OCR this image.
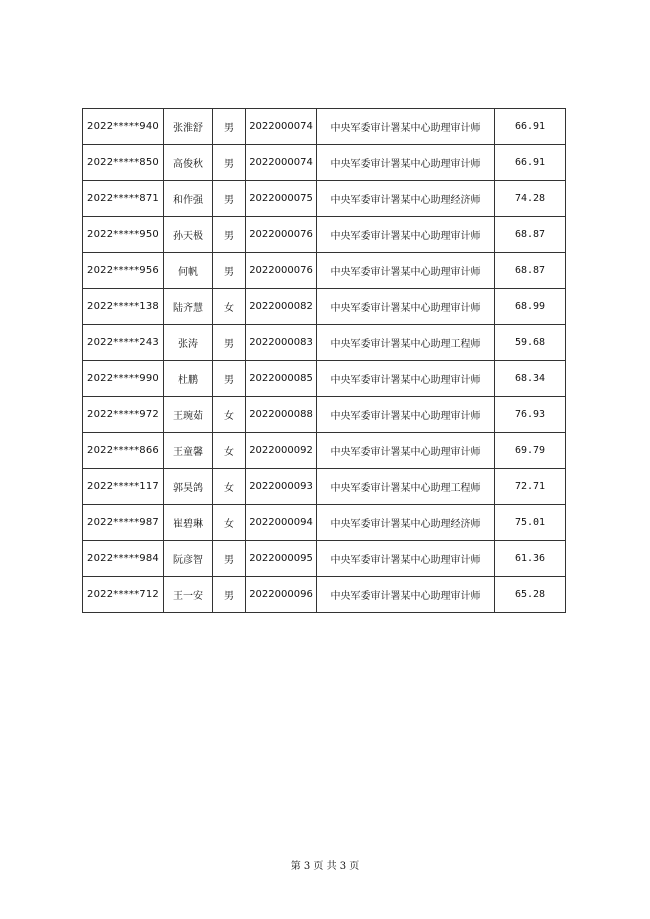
2022*****940	张淮舒	男	2022000074	中央军委审计署某中心助理审计师	66.91
2022*****850	高俊秋	男	2022000074	中央军委审计署某中心助理审计师	66.91
2022*****871	和作强	男	2022000075	中央军委审计署某中心助理经济师	74.28
2022*****950	孙天极	男	2022000076	中央军委审计署某中心助理审计师	68.87
2022*****956	何帆	男	2022000076	中央军委审计署某中心助理审计师	68.87
2022*****138	陆齐慧	女	2022000082	中央军委审计署某中心助理审计师	68.99
2022*****243	张涛	男	2022000083	中央军委审计署某中心助理工程师	59.68
2022*****990	杜鹏	男	2022000085	中央军委审计署某中心助理审计师	68.34
2022*****972	王琬茹	女	2022000088	中央军委审计署某中心助理审计师	76.93
2022*****866	王童馨	女	2022000092	中央军委审计署某中心助理审计师	69.79
2022*****117	郭昊鸽	女	2022000093	中央军委审计署某中心助理工程师	72.71
2022*****987	崔碧琳	女	2022000094	中央军委审计署某中心助理经济师	75.01
2022*****984	阮彦智	男	2022000095	中央军委审计署某中心助理审计师	61.36
2022*****712	王一安	男	2022000096	中央军委审计署某中心助理审计师	65.28
第 3 页 共 3 页
